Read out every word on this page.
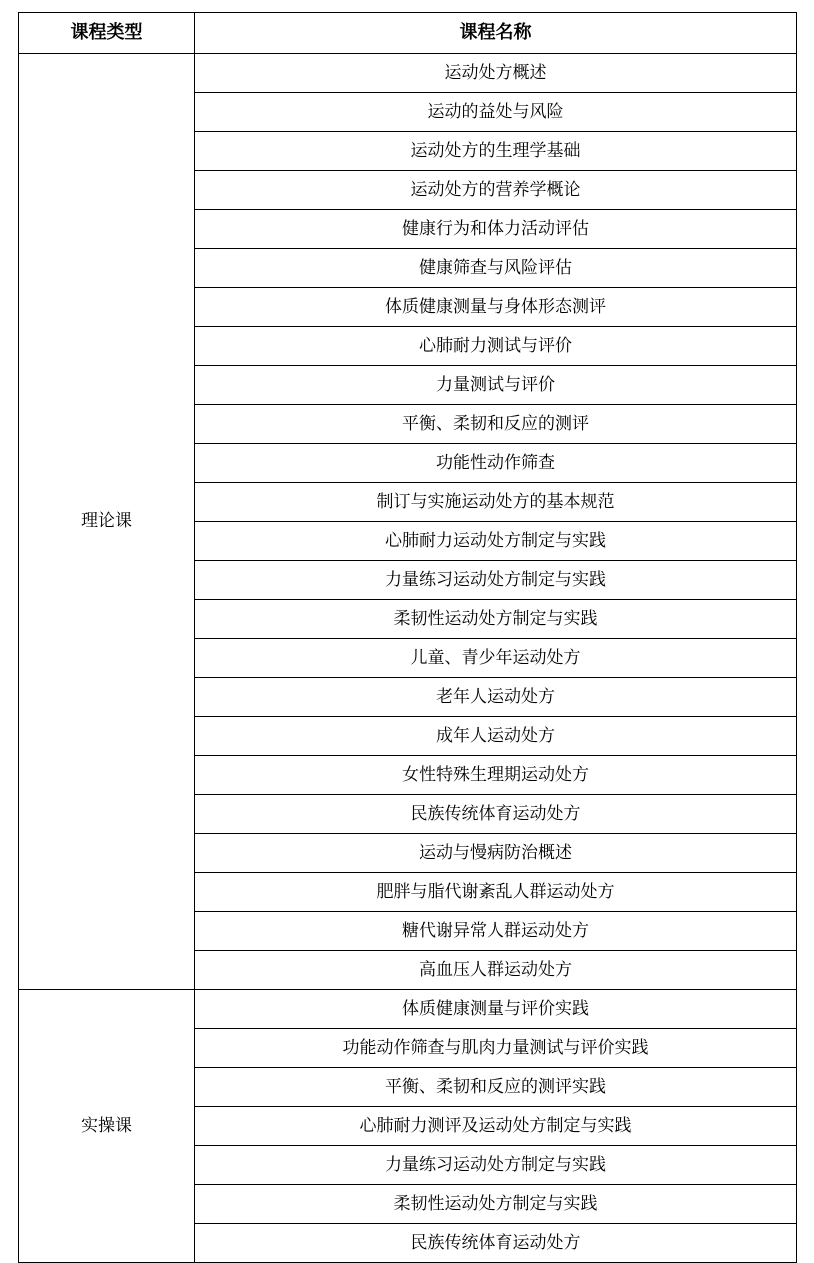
课程类型	课程名称
理论课	运动处方概述
	运动的益处与风险
	运动处方的生理学基础
	运动处方的营养学概论
	健康行为和体力活动评估
	健康筛查与风险评估
	体质健康测量与身体形态测评
	心肺耐力测试与评价
	力量测试与评价
	平衡、柔韧和反应的测评
	功能性动作筛查
	制订与实施运动处方的基本规范
	心肺耐力运动处方制定与实践
	力量练习运动处方制定与实践
	柔韧性运动处方制定与实践
	儿童、青少年运动处方
	老年人运动处方
	成年人运动处方
	女性特殊生理期运动处方
	民族传统体育运动处方
	运动与慢病防治概述
	肥胖与脂代谢紊乱人群运动处方
	糖代谢异常人群运动处方
	高血压人群运动处方
实操课	体质健康测量与评价实践
	功能动作筛查与肌肉力量测试与评价实践
	平衡、柔韧和反应的测评实践
	心肺耐力测评及运动处方制定与实践
	力量练习运动处方制定与实践
	柔韧性运动处方制定与实践
	民族传统体育运动处方
